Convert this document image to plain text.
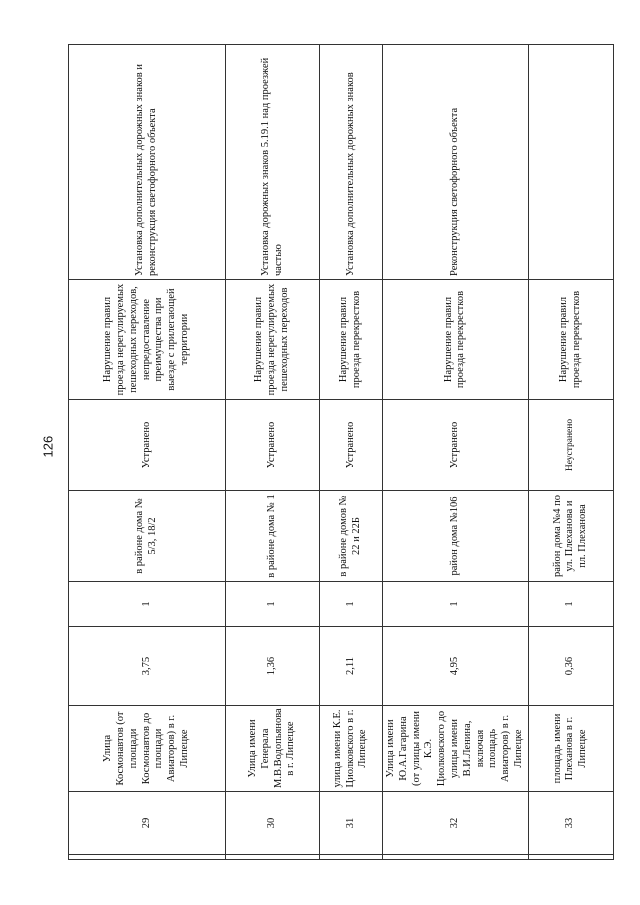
126
	29	Улица Космонавтов (от площади Космонавтов до площади Авиаторов) в г. Липецке	3,75	1	в районе дома № 5/3, 18/2	Устранено	Нарушение правил проезда нерегулируемых пешеходных переходов, непредоставление преимущества при выезде с прилегающей территории	Установка дополнительных дорожных знаков и реконструкция светофорного объекта
	30	Улица имени Генерала М.В.Водопьянова в г. Липецке	1,36	1	в районе дома № 1	Устранено	Нарушение правил проезда нерегулируемых пешеходных переходов	Установка дорожных знаков 5.19.1 над проезжей частью
	31	улица имени К.Е. Циолковского в г. Липецке	2,11	1	в районе домов № 22 и 22Б	Устранено	Нарушение правил проезда перекрестков	Установка дополнительных дорожных знаков
	32	Улица имени Ю.А.Гагарина (от улицы имени К.Э. Циолковского до улицы имени В.И.Ленина, включая площадь Авиаторов) в г. Липецке	4,95	1	район дома №106	Устранено	Нарушение правил проезда перекрестков	Реконструкция светофорного объекта
	33	площадь имени Плеханова в г. Липецке	0,36	1	район дома №4 по ул. Плеханова и пл. Плеханова	Неустранено	Нарушение правил проезда перекрестков	
